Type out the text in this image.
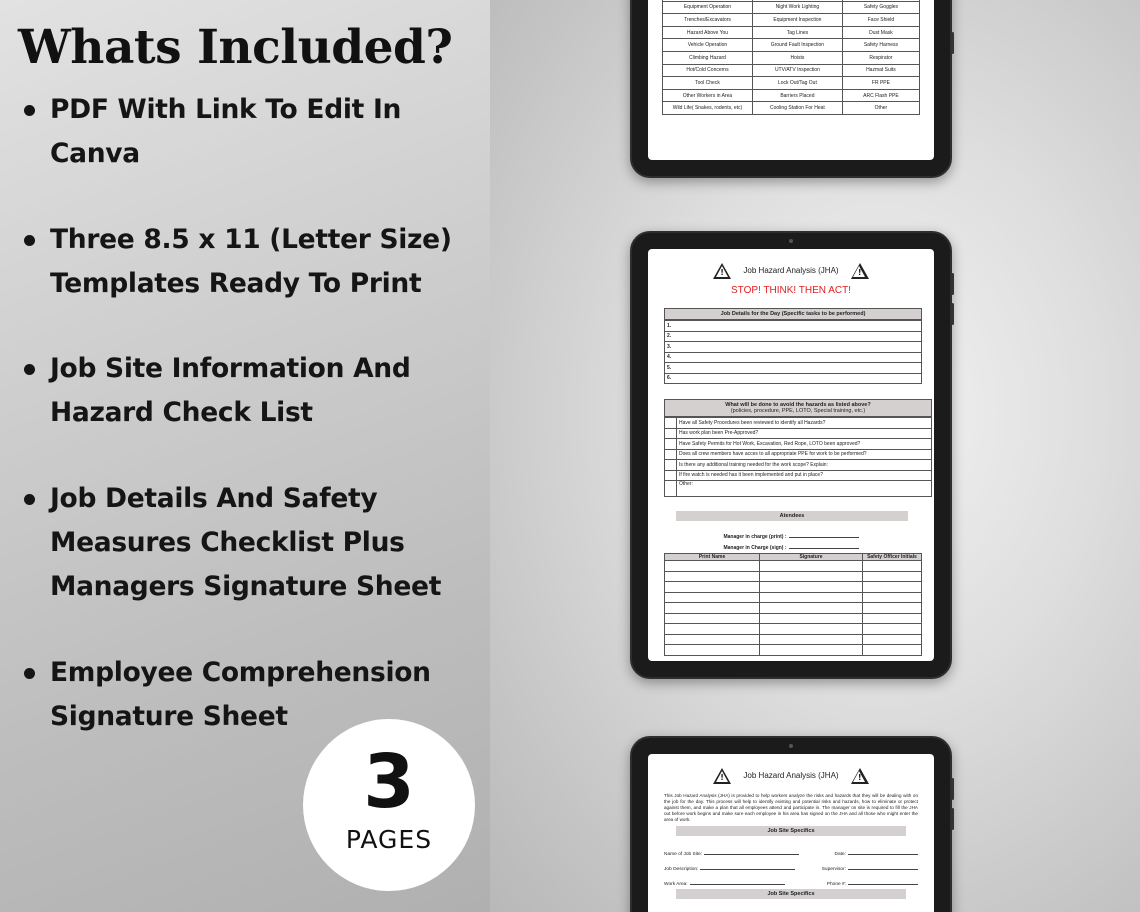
Whats Included?
PDF With Link To Edit In
Canva
Three 8.5 x 11 (Letter Size)
Templates Ready To Print
Job Site Information And
Hazard Check List
Job Details And Safety
Measures Checklist Plus
Managers Signature Sheet
Employee Comprehension
Signature Sheet
3
PAGES

Equipment Operation	Night Work Lighting	Safety Goggles
Trenches/Excavators	Equipment Inspection	Face Shield
Hazard Above You	Tag Lines	Dust Mask
Vehicle Operation	Ground Fault Inspection	Safety Harness
Climbing Hazard	Hoists	Respirator
Hot/Cold Concerns	UTV/ATV Inspection	Hazmat Suits
Tool Check	Lock Out/Tag Out	FR PPE
Other Workers in Area	Barriers Placed	ARC Flash PPE
Wild Life( Snakes, rodents, etc)	Cooling Station For Heat	Other
! Job Hazard Analysis (JHA) !
STOP! THINK! THEN ACT!
Job Details for the Day (Specific tasks to be performed)
1.
2.
3.
4.
5.
6.
What will be done to avoid the hazards as listed above?
(policies, procedure, PPE, LOTO, Special training, etc.)
	Have all Safety Procedures been reviewed to identify all Hazards?
	Has work plan been Pre-Approved?
	Have Safety Permits for Hot Work, Excavation, Red Rope, LOTO been approved?
	Does all crew members have acces to all appropriate PPE for work to be performed?
	Is there any additional training needed for the work scope? Explain:
	If fire watch is needed has it been implemented and put in place?
	Other:
Atendees
Manager in charge (print) :
Manager in Charge (sign) :
Print Name	Signature	Safety Officer Initials

! Job Hazard Analysis (JHA) !
This Job Hazard Analysis (JHA) is provided to help workers analyze the risks and hazards that they will be dealing with on the job for the day. This process will help to identify existing and potential risks and hazards, how to eliminate or protect against them, and make a plan that all employees attend and participate in. The manager on site is required to fill the JHA out before work begins and make sure each employee in his area has signed on the JHA and all those who might enter the area of work.
Job Site Specifics
Name of Job Site:	Date:
Job Description:	Supervisor:
Work Area:	Phone #:
Job Site Specifics
